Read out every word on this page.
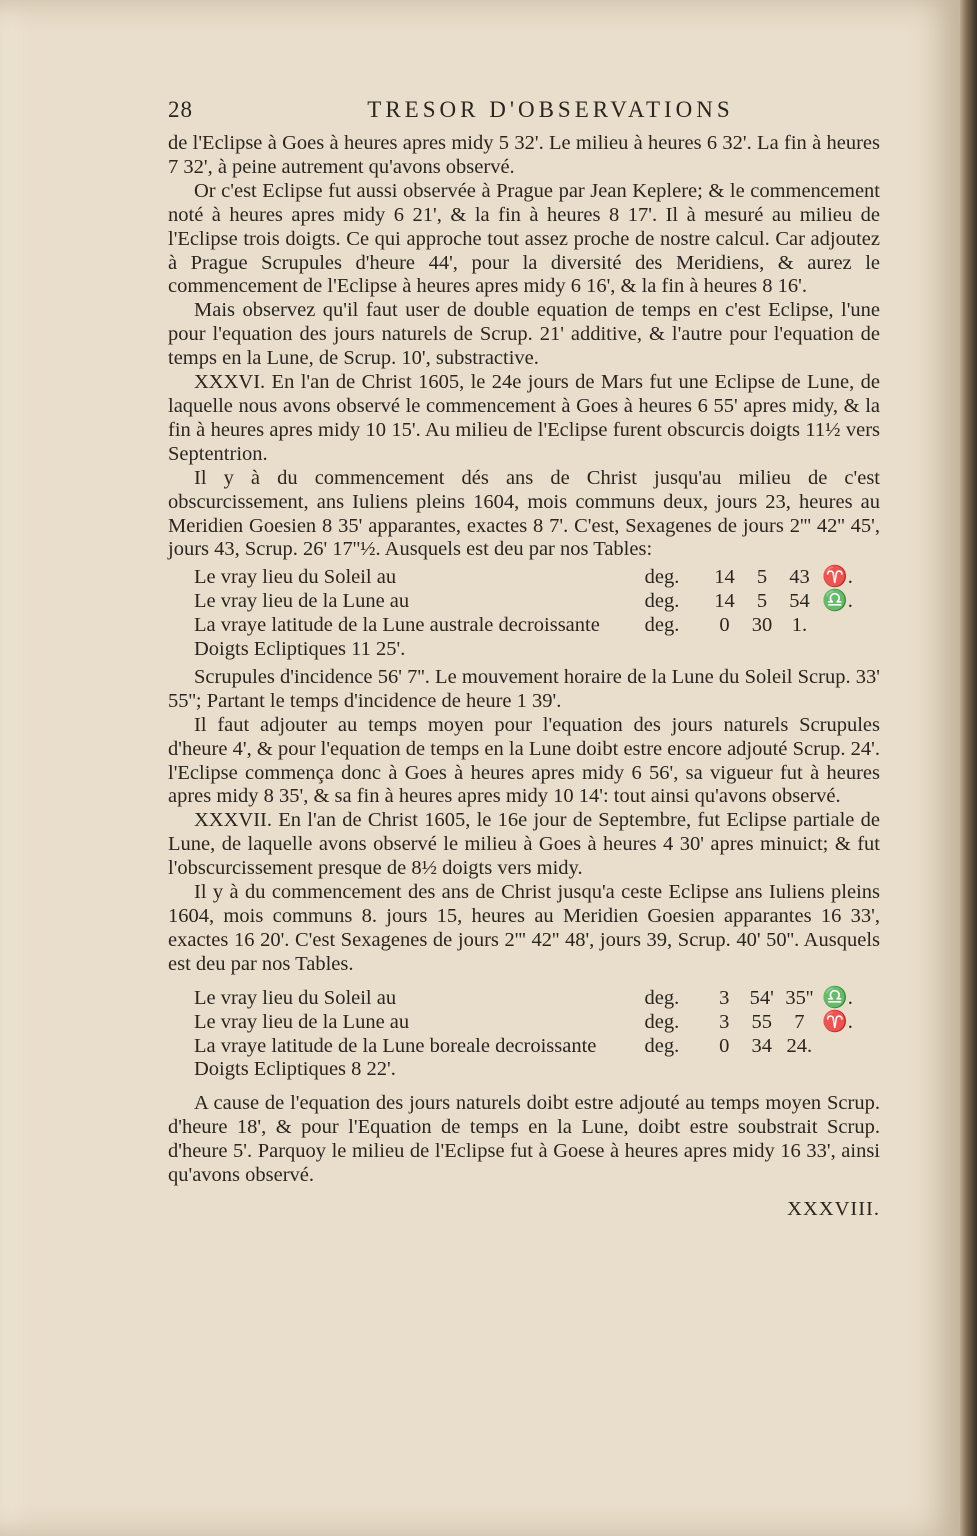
28	TRESOR D'OBSERVATIONS

de l'Eclipse à Goes à heures apres midy 5 32'. Le milieu à heures 6 32'. La fin à heures 7 32', à peine autrement qu'avons observé.

Or c'est Eclipse fut aussi observée à Prague par Jean Keplere; & le commencement noté à heures apres midy 6 21', & la fin à heures 8 17'. Il à mesuré au milieu de l'Eclipse trois doigts. Ce qui approche tout assez proche de nostre calcul. Car adjoutez à Prague Scrupules d'heure 44', pour la diversité des Meridiens, & aurez le commencement de l'Eclipse à heures apres midy 6 16', & la fin à heures 8 16'.

Mais observez qu'il faut user de double equation de temps en c'est Eclipse, l'une pour l'equation des jours naturels de Scrup. 21' additive, & l'autre pour l'equation de temps en la Lune, de Scrup. 10', substractive.

XXXVI. En l'an de Christ 1605, le 24e jours de Mars fut une Eclipse de Lune, de laquelle nous avons observé le commencement à Goes à heures 6 55' apres midy, & la fin à heures apres midy 10 15'. Au milieu de l'Eclipse furent obscurcis doigts 11½ vers Septentrion.

Il y à du commencement dés ans de Christ jusqu'au milieu de c'est obscurcissement, ans Iuliens pleins 1604, mois communs deux, jours 23, heures au Meridien Goesien 8 35' apparantes, exactes 8 7'. C'est, Sexagenes de jours 2''' 42'' 45', jours 43, Scrup. 26' 17''½. Ausquels est deu par nos Tables:

Le vray lieu du Soleil au	deg.	14	5	43	♈.
Le vray lieu de la Lune au	deg.	14	5	54	♎.
La vraye latitude de la Lune australe decroissante	deg.	0	30	1.	
Doigts Ecliptiques 11 25'.					

Scrupules d'incidence 56' 7''. Le mouvement horaire de la Lune du Soleil Scrup. 33' 55''; Partant le temps d'incidence de heure 1 39'.

Il faut adjouter au temps moyen pour l'equation des jours naturels Scrupules d'heure 4', & pour l'equation de temps en la Lune doibt estre encore adjouté Scrup. 24'. l'Eclipse commença donc à Goes à heures apres midy 6 56', sa vigueur fut à heures apres midy 8 35', & sa fin à heures apres midy 10 14': tout ainsi qu'avons observé.

XXXVII. En l'an de Christ 1605, le 16e jour de Septembre, fut Eclipse partiale de Lune, de laquelle avons observé le milieu à Goes à heures 4 30' apres minuict; & fut l'obscurcissement presque de 8½ doigts vers midy.

Il y à du commencement des ans de Christ jusqu'a ceste Eclipse ans Iuliens pleins 1604, mois communs 8. jours 15, heures au Meridien Goesien apparantes 16 33', exactes 16 20'. C'est Sexagenes de jours 2''' 42'' 48', jours 39, Scrup. 40' 50''. Ausquels est deu par nos Tables.

Le vray lieu du Soleil au	deg.	3	54'	35''	♎.
Le vray lieu de la Lune au	deg.	3	55	7	♈.
La vraye latitude de la Lune boreale decroissante	deg.	0	34	24.	
Doigts Ecliptiques 8 22'.					

A cause de l'equation des jours naturels doibt estre adjouté au temps moyen Scrup. d'heure 18', & pour l'Equation de temps en la Lune, doibt estre soubstrait Scrup. d'heure 5'. Parquoy le milieu de l'Eclipse fut à Goese à heures apres midy 16 33', ainsi qu'avons observé.

XXXVIII.
